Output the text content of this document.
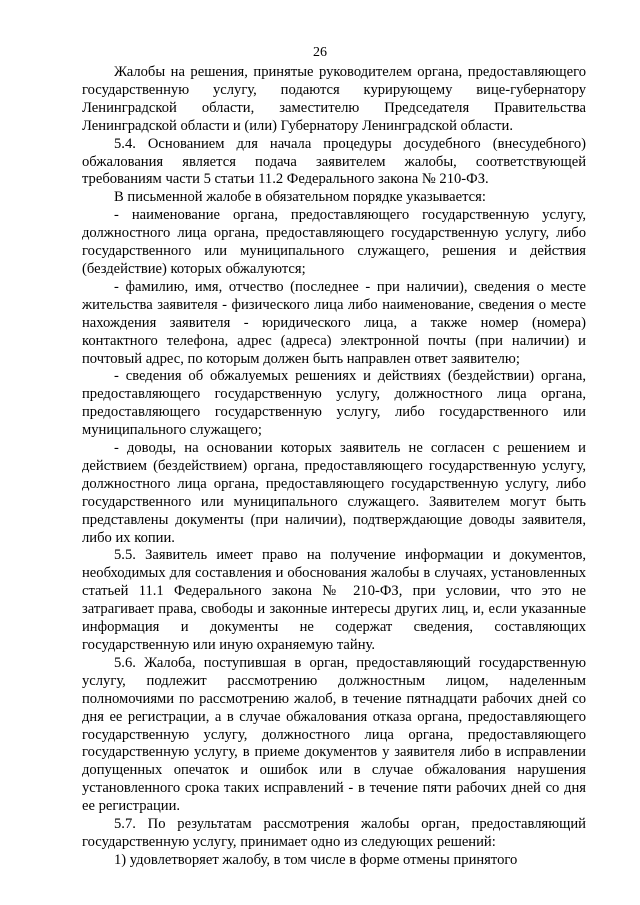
26

Жалобы на решения, принятые руководителем органа, предоставляющего государственную услугу, подаются курирующему вице-губернатору Ленинградской области, заместителю Председателя Правительства Ленинградской области и (или) Губернатору Ленинградской области.

5.4. Основанием для начала процедуры досудебного (внесудебного) обжалования является подача заявителем жалобы, соответствующей требованиям части 5 статьи 11.2 Федерального закона № 210-ФЗ.

В письменной жалобе в обязательном порядке указывается:

- наименование органа, предоставляющего государственную услугу, должностного лица органа, предоставляющего государственную услугу, либо государственного или муниципального служащего, решения и действия (бездействие) которых обжалуются;

- фамилию, имя, отчество (последнее - при наличии), сведения о месте жительства заявителя - физического лица либо наименование, сведения о месте нахождения заявителя - юридического лица, а также номер (номера) контактного телефона, адрес (адреса) электронной почты (при наличии) и почтовый адрес, по которым должен быть направлен ответ заявителю;

- сведения об обжалуемых решениях и действиях (бездействии) органа, предоставляющего государственную услугу, должностного лица органа, предоставляющего государственную услугу, либо государственного или муниципального служащего;

- доводы, на основании которых заявитель не согласен с решением и действием (бездействием) органа, предоставляющего государственную услугу, должностного лица органа, предоставляющего государственную услугу, либо государственного или муниципального служащего. Заявителем могут быть представлены документы (при наличии), подтверждающие доводы заявителя, либо их копии.

5.5. Заявитель имеет право на получение информации и документов, необходимых для составления и обоснования жалобы в случаях, установленных статьей 11.1 Федерального закона № 210-ФЗ, при условии, что это не затрагивает права, свободы и законные интересы других лиц, и, если указанные информация и документы не содержат сведения, составляющих государственную или иную охраняемую тайну.

5.6. Жалоба, поступившая в орган, предоставляющий государственную услугу, подлежит рассмотрению должностным лицом, наделенным полномочиями по рассмотрению жалоб, в течение пятнадцати рабочих дней со дня ее регистрации, а в случае обжалования отказа органа, предоставляющего государственную услугу, должностного лица органа, предоставляющего государственную услугу, в приеме документов у заявителя либо в исправлении допущенных опечаток и ошибок или в случае обжалования нарушения установленного срока таких исправлений - в течение пяти рабочих дней со дня ее регистрации.

5.7. По результатам рассмотрения жалобы орган, предоставляющий государственную услугу, принимает одно из следующих решений:

1) удовлетворяет жалобу, в том числе в форме отмены принятого
